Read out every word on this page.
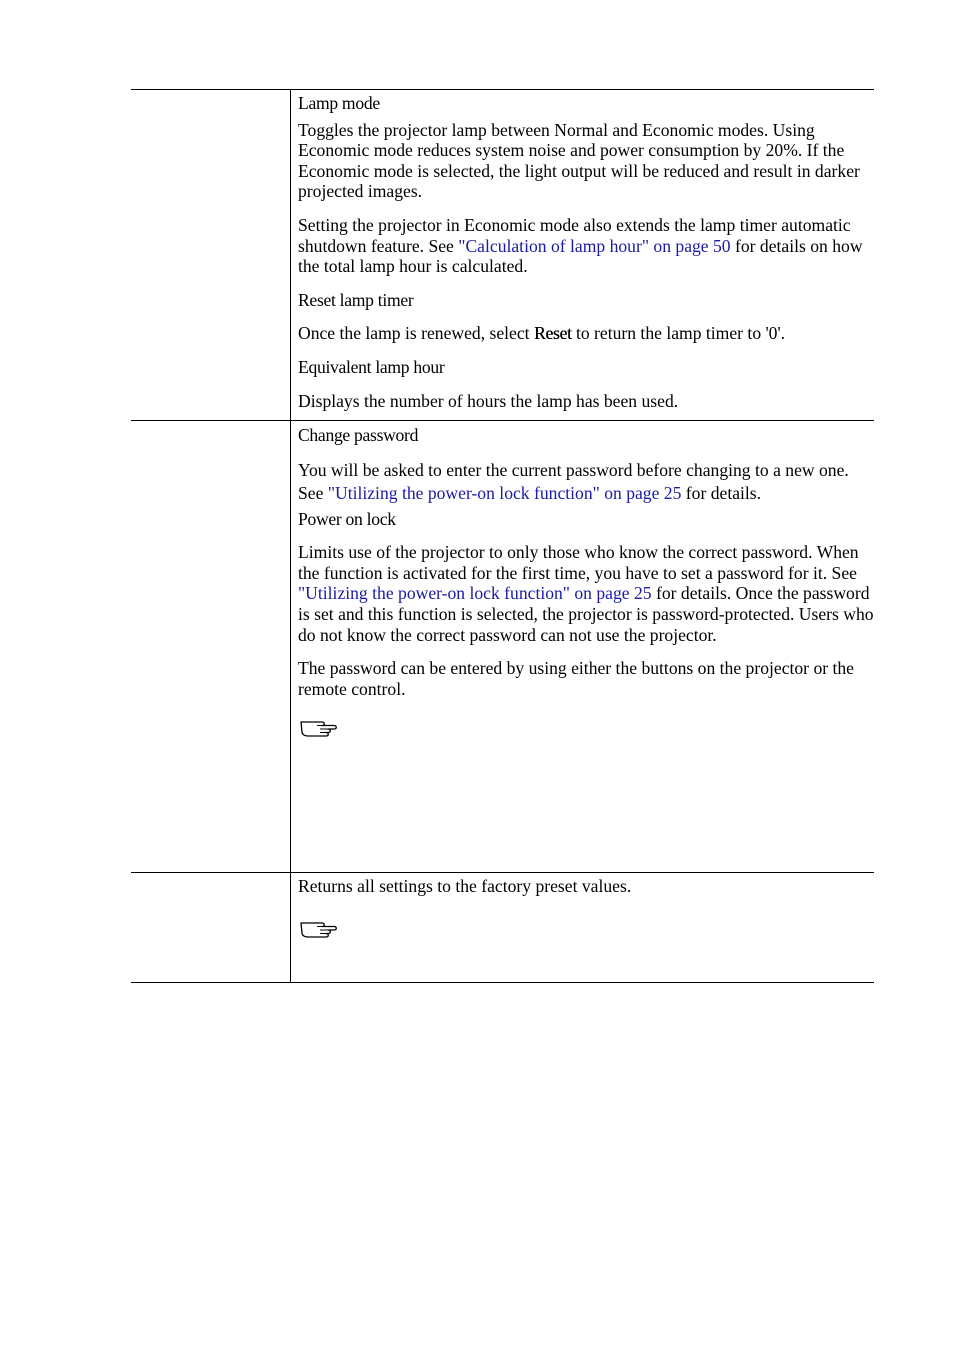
Lamp mode

Toggles the projector lamp between Normal and Economic modes. Using Economic mode reduces system noise and power consumption by 20%. If the Economic mode is selected, the light output will be reduced and result in darker projected images.

Setting the projector in Economic mode also extends the lamp timer automatic shutdown feature. See "Calculation of lamp hour" on page 50 for details on how the total lamp hour is calculated.

Reset lamp timer

Once the lamp is renewed, select Reset to return the lamp timer to '0'.

Equivalent lamp hour

Displays the number of hours the lamp has been used.

Change password

You will be asked to enter the current password before changing to a new one. See "Utilizing the power-on lock function" on page 25 for details.

Power on lock

Limits use of the projector to only those who know the correct password. When the function is activated for the first time, you have to set a password for it. See "Utilizing the power-on lock function" on page 25 for details. Once the password is set and this function is selected, the projector is password-protected. Users who do not know the correct password can not use the projector.

The password can be entered by using either the buttons on the projector or the remote control.

Returns all settings to the factory preset values.
